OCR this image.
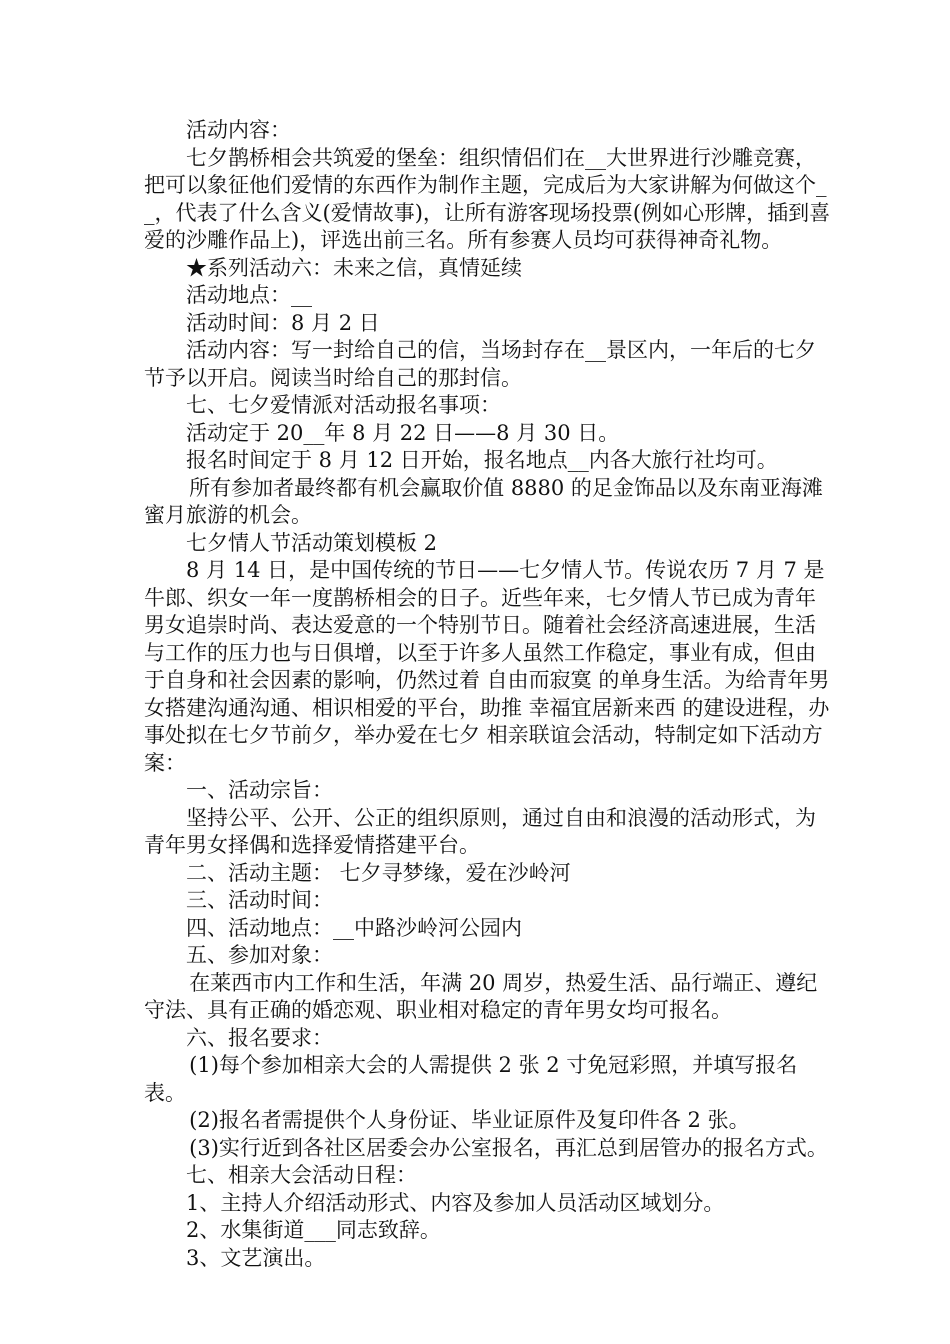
活动内容：

七夕鹊桥相会共筑爱的堡垒：组织情侣们在__大世界进行沙雕竞赛，把可以象征他们爱情的东西作为制作主题，完成后为大家讲解为何做这个__，代表了什么含义(爱情故事)，让所有游客现场投票(例如心形牌，插到喜爱的沙雕作品上)，评选出前三名。所有参赛人员均可获得神奇礼物。

★系列活动六：未来之信，真情延续

活动地点：__

活动时间：8 月 2 日

活动内容：写一封给自己的信，当场封存在__景区内，一年后的七夕节予以开启。阅读当时给自己的那封信。

七、七夕爱情派对活动报名事项：

活动定于 20__年 8 月 22 日——8 月 30 日。

报名时间定于 8 月 12 日开始，报名地点__内各大旅行社均可。

所有参加者最终都有机会赢取价值 8880 的足金饰品以及东南亚海滩蜜月旅游的机会。

七夕情人节活动策划模板 2

8 月 14 日，是中国传统的节日——七夕情人节。传说农历 7 月 7 是牛郎、织女一年一度鹊桥相会的日子。近些年来，七夕情人节已成为青年男女追崇时尚、表达爱意的一个特别节日。随着社会经济高速进展，生活与工作的压力也与日俱增，以至于许多人虽然工作稳定，事业有成，但由于自身和社会因素的影响，仍然过着 自由而寂寞 的单身生活。为给青年男女搭建沟通沟通、相识相爱的平台，助推 幸福宜居新来西 的建设进程，办事处拟在七夕节前夕，举办爱在七夕 相亲联谊会活动，特制定如下活动方案：

一、活动宗旨：

坚持公平、公开、公正的组织原则，通过自由和浪漫的活动形式，为青年男女择偶和选择爱情搭建平台。

二、活动主题： 七夕寻梦缘，爱在沙岭河

三、活动时间：

四、活动地点：__中路沙岭河公园内

五、参加对象：

在莱西市内工作和生活，年满 20 周岁，热爱生活、品行端正、遵纪守法、具有正确的婚恋观、职业相对稳定的青年男女均可报名。

六、报名要求：

(1)每个参加相亲大会的人需提供 2 张 2 寸免冠彩照，并填写报名表。

(2)报名者需提供个人身份证、毕业证原件及复印件各 2 张。

(3)实行近到各社区居委会办公室报名，再汇总到居管办的报名方式。

七、相亲大会活动日程：

1、主持人介绍活动形式、内容及参加人员活动区域划分。

2、水集街道___同志致辞。

3、文艺演出。
